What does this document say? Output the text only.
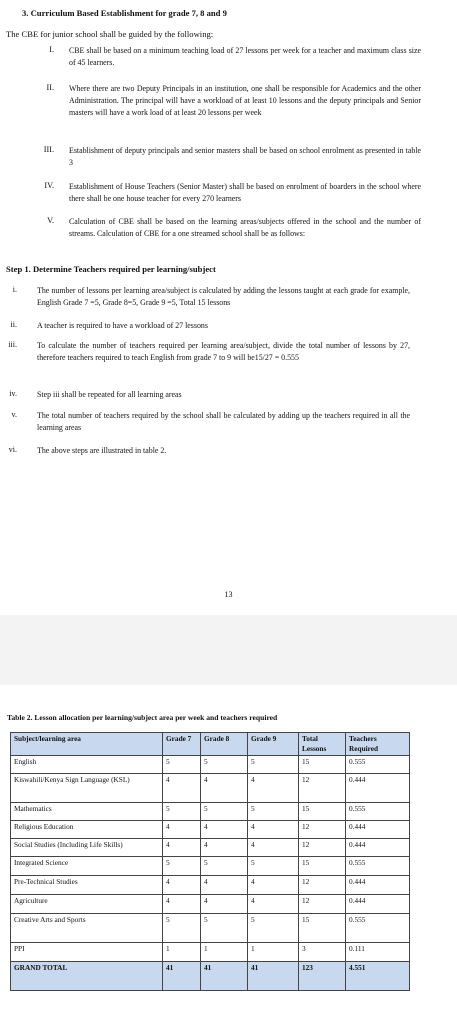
3. Curriculum Based Establishment for grade 7, 8 and 9
The CBE for junior school shall be guided by the following:
I. CBE shall be based on a minimum teaching load of 27 lessons per week for a teacher and maximum class size of 45 learners.
II. Where there are two Deputy Principals in an institution, one shall be responsible for Academics and the other Administration. The principal will have a workload of at least 10 lessons and the deputy principals and Senior masters will have a work load of at least 20 lessons per week
III. Establishment of deputy principals and senior masters shall be based on school enrolment as presented in table 3
IV. Establishment of House Teachers (Senior Master) shall be based on enrolment of boarders in the school where there shall be one house teacher for every 270 learners
V. Calculation of CBE shall be based on the learning areas/subjects offered in the school and the number of streams. Calculation of CBE for a one streamed school shall be as follows:
Step 1. Determine Teachers required per learning/subject
i.	The number of lessons per learning area/subject is calculated by adding the lessons taught at each grade for example, English Grade 7 =5, Grade 8=5, Grade 9 =5, Total 15 lessons
ii.	A teacher is required to have a workload of 27 lessons
iii.	To calculate the number of teachers required per learning area/subject, divide the total number of lessons by 27, therefore teachers required to teach English from grade 7 to 9 will be15/27 = 0.555
iv.	Step iii shall be repeated for all learning areas
v.	The total number of teachers required by the school shall be calculated by adding up the teachers required in all the learning areas
vi.	The above steps are illustrated in table 2.
13
Table 2. Lesson allocation per learning/subject area per week and teachers required
Subject/learning area	Grade 7	Grade 8	Grade 9	Total Lessons	Teachers Required
English	5	5	5	15	0.555
Kiswahili/Kenya Sign Language (KSL)	4	4	4	12	0.444
Mathematics	5	5	5	15	0.555
Religious Education	4	4	4	12	0.444
Social Studies (Including Life Skills)	4	4	4	12	0.444
Integrated Science	5	5	5	15	0.555
Pre-Technical Studies	4	4	4	12	0.444
Agriculture	4	4	4	12	0.444
Creative Arts and Sports	5	5	5	15	0.555
PPI	1	1	1	3	0.111
GRAND TOTAL	41	41	41	123	4.551
